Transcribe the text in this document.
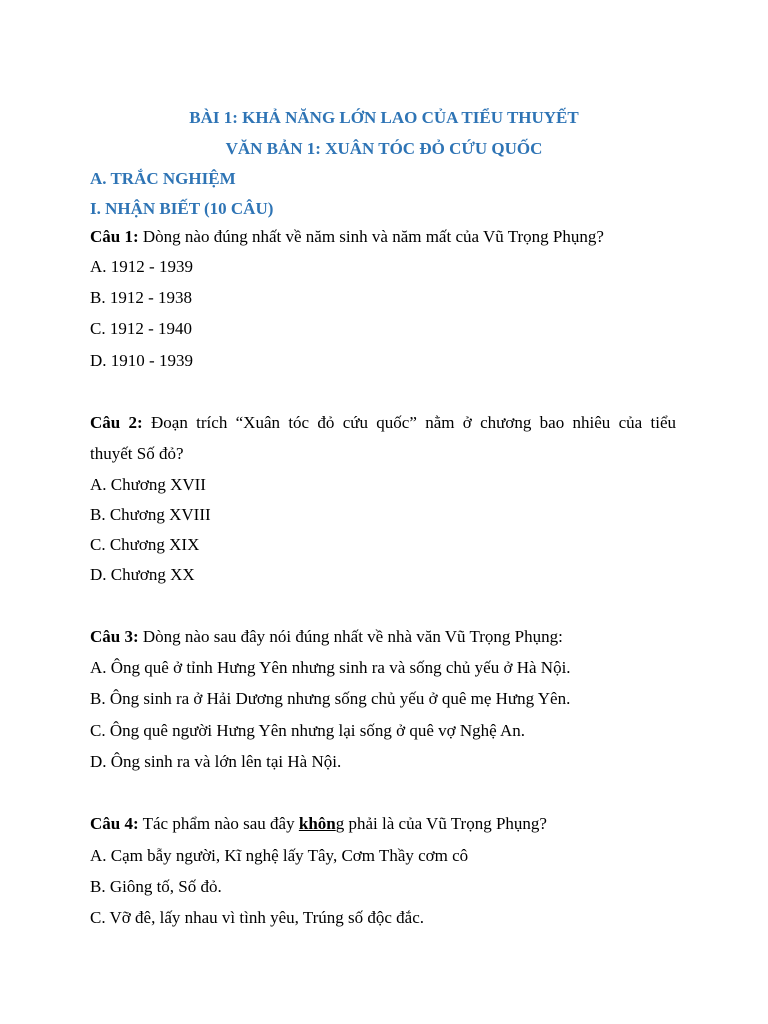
BÀI 1: KHẢ NĂNG LỚN LAO CỦA TIỂU THUYẾT
VĂN BẢN 1: XUÂN TÓC ĐỎ CỨU QUỐC
A. TRẮC NGHIỆM
I. NHẬN BIẾT (10 CÂU)
Câu 1: Dòng nào đúng nhất về năm sinh và năm mất của Vũ Trọng Phụng?
A. 1912 - 1939
B. 1912 - 1938
C. 1912 - 1940
D. 1910 - 1939
Câu 2: Đoạn trích “Xuân tóc đỏ cứu quốc” nằm ở chương bao nhiêu của tiểu
thuyết Số đỏ?
A. Chương XVII
B. Chương XVIII
C. Chương XIX
D. Chương XX
Câu 3: Dòng nào sau đây nói đúng nhất về nhà văn Vũ Trọng Phụng:
A. Ông quê ở tỉnh Hưng Yên nhưng sinh ra và sống chủ yếu ở Hà Nội.
B. Ông sinh ra ở Hải Dương nhưng sống chủ yếu ở quê mẹ Hưng Yên.
C. Ông quê người Hưng Yên nhưng lại sống ở quê vợ Nghệ An.
D. Ông sinh ra và lớn lên tại Hà Nội.
Câu 4: Tác phẩm nào sau đây không phải là của Vũ Trọng Phụng?
A. Cạm bẫy người, Kĩ nghệ lấy Tây, Cơm Thầy cơm cô
B. Giông tố, Số đỏ.
C. Vỡ đê, lấy nhau vì tình yêu, Trúng số độc đắc.
